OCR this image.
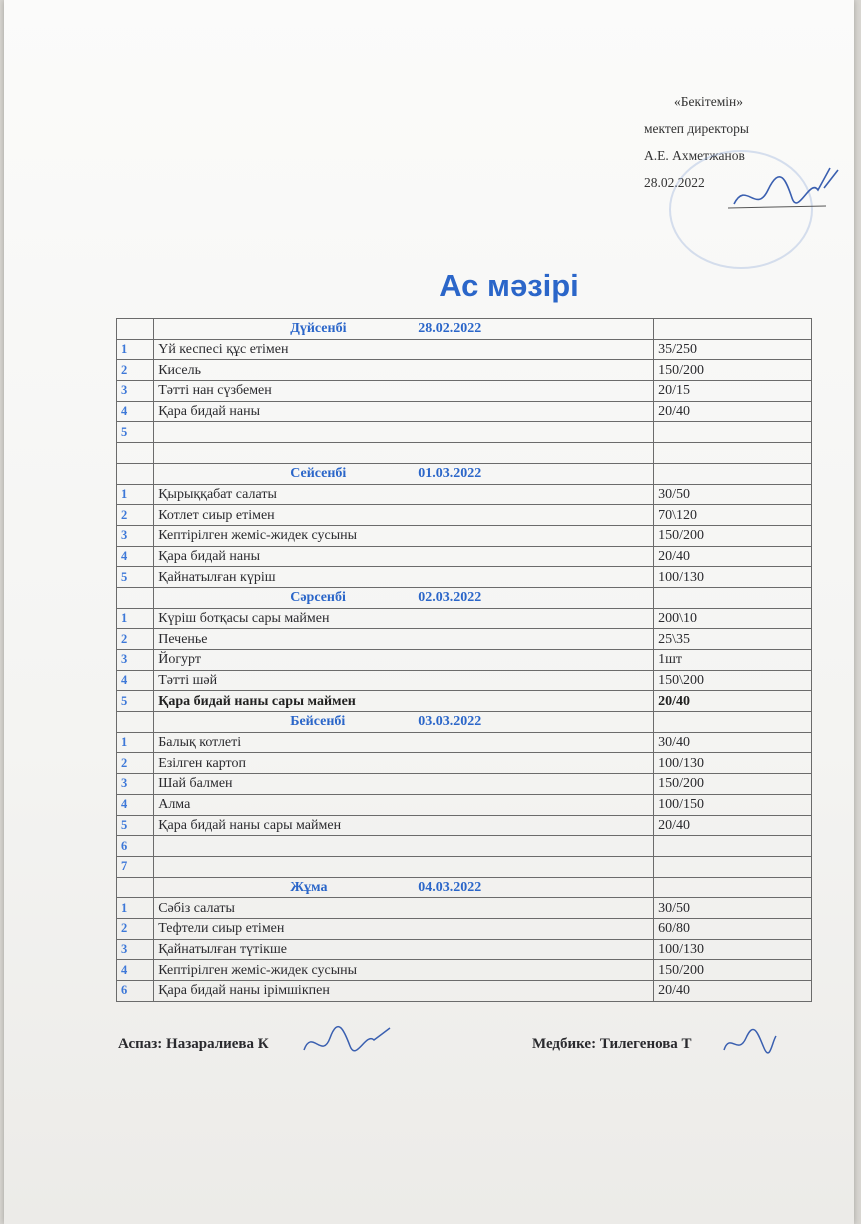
«Бекітемін»
мектеп директоры
А.Е. Ахметжанов
28.02.2022
Ас мәзірі
	Дүйсенбі 28.02.2022	
1	Үй кеспесі құс етімен	35/250
2	Кисель	150/200
3	Тәтті нан сүзбемен	20/15
4	Қара бидай наны	20/40
5		

	Сейсенбі 01.03.2022	
1	Қырыққабат салаты	30/50
2	Котлет сиыр етімен	70\120
3	Кептірілген жеміс-жидек сусыны	150/200
4	Қара бидай наны	20/40
5	Қайнатылған күріш	100/130
	Сәрсенбі 02.03.2022	
1	Күріш ботқасы сары маймен	200\10
2	Печенье	25\35
3	Йогурт	1шт
4	Тәтті шәй	150\200
5	Қара бидай наны сары маймен	20/40
	Бейсенбі 03.03.2022	
1	Балық котлеті	30/40
2	Езілген картоп	100/130
3	Шай балмен	150/200
4	Алма	100/150
5	Қара бидай наны сары маймен	20/40
6		
7		
	Жұма 04.03.2022	
1	Сәбіз салаты	30/50
2	Тефтели сиыр етімен	60/80
3	Қайнатылған түтікше	100/130
4	Кептірілген жеміс-жидек сусыны	150/200
6	Қара бидай наны ірімшікпен	20/40
Аспаз: Назаралиева К	Медбике: Тилегенова Т
